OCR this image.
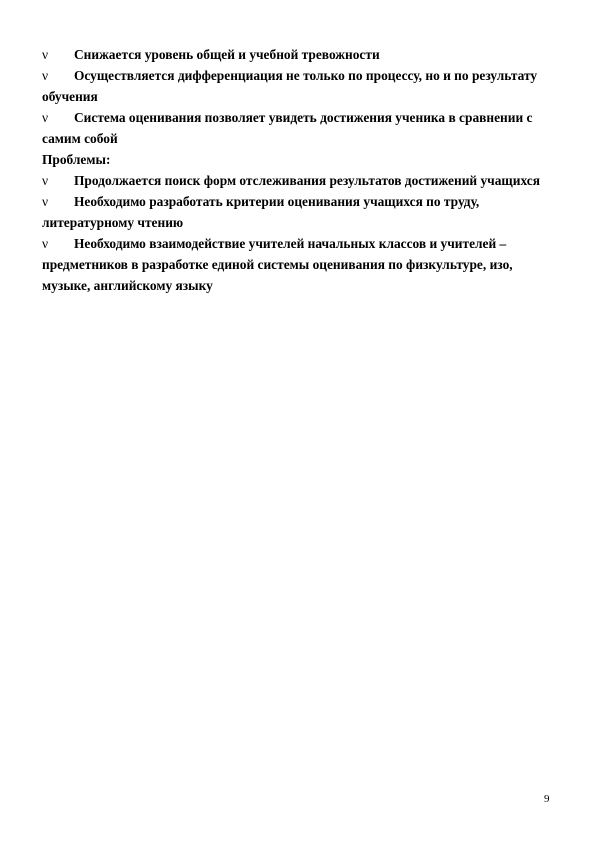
ν Снижается уровень общей и учебной тревожности

ν Осуществляется дифференциация не только по процессу, но и по результату обучения

ν Система оценивания позволяет увидеть достижения ученика в сравнении с самим собой

Проблемы:

ν Продолжается поиск форм отслеживания результатов достижений учащихся

ν Необходимо разработать критерии оценивания учащихся по труду, литературному чтению

ν Необходимо взаимодействие учителей начальных классов и учителей –предметников в разработке единой системы оценивания по физкультуре, изо, музыке, английскому языку

9
